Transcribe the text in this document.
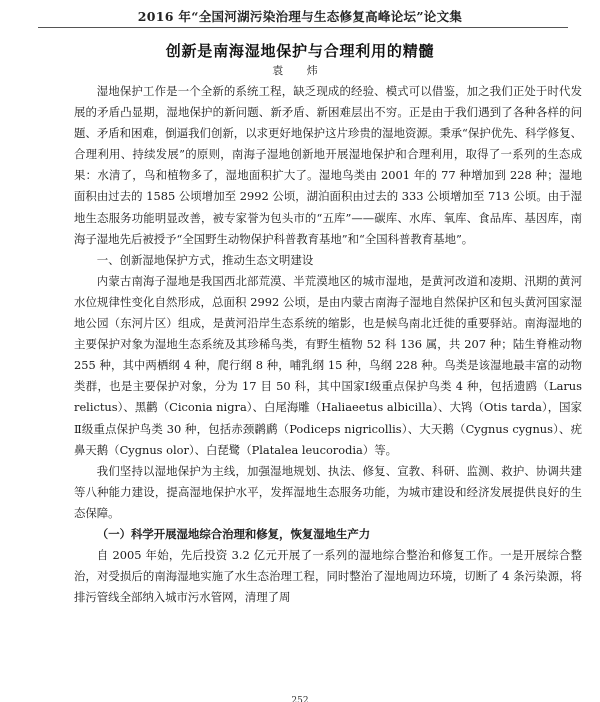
2016 年“全国河湖污染治理与生态修复高峰论坛”论文集
创新是南海湿地保护与合理利用的精髓
袁 炜

湿地保护工作是一个全新的系统工程，缺乏现成的经验、模式可以借鉴，加之我们正处于时代发展的矛盾凸显期，湿地保护的新问题、新矛盾、新困难层出不穷。正是由于我们遇到了各种各样的问题、矛盾和困难，倒逼我们创新，以求更好地保护这片珍贵的湿地资源。秉承“保护优先、科学修复、合理利用、持续发展”的原则，南海子湿地创新地开展湿地保护和合理利用，取得了一系列的生态成果：水清了，鸟和植物多了，湿地面积扩大了。湿地鸟类由 2001 年的 77 种增加到 228 种；湿地面积由过去的 1585 公顷增加至 2992 公顷，湖泊面积由过去的 333 公顷增加至 713 公顷。由于湿地生态服务功能明显改善，被专家誉为包头市的“五库”——碳库、水库、氧库、食品库、基因库，南海子湿地先后被授予“全国野生动物保护科普教育基地”和“全国科普教育基地”。

一、创新湿地保护方式，推动生态文明建设

内蒙古南海子湿地是我国西北部荒漠、半荒漠地区的城市湿地，是黄河改道和凌期、汛期的黄河水位规律性变化自然形成，总面积 2992 公顷，是由内蒙古南海子湿地自然保护区和包头黄河国家湿地公园（东河片区）组成，是黄河沿岸生态系统的缩影，也是候鸟南北迁徙的重要驿站。南海湿地的主要保护对象为湿地生态系统及其珍稀鸟类，有野生植物 52 科 136 属，共 207 种；陆生脊椎动物 255 种，其中两栖纲 4 种，爬行纲 8 种，哺乳纲 15 种，鸟纲 228 种。鸟类是该湿地最丰富的动物类群，也是主要保护对象，分为 17 目 50 科，其中国家Ⅰ级重点保护鸟类 4 种，包括遗鸥（Larus relictus）、黑鹳（Ciconia nigra）、白尾海雕（Haliaeetus albicilla）、大鸨（Otis tarda），国家Ⅱ级重点保护鸟类 30 种，包括赤颈䴙䴘（Podiceps nigricollis）、大天鹅（Cygnus cygnus）、疣鼻天鹅（Cygnus olor）、白琵鹭（Platalea leucorodia）等。

我们坚持以湿地保护为主线，加强湿地规划、执法、修复、宣教、科研、监测、救护、协调共建等八种能力建设，提高湿地保护水平，发挥湿地生态服务功能，为城市建设和经济发展提供良好的生态保障。

（一）科学开展湿地综合治理和修复，恢复湿地生产力

自 2005 年始，先后投资 3.2 亿元开展了一系列的湿地综合整治和修复工作。一是开展综合整治，对受损后的南海湿地实施了水生态治理工程，同时整治了湿地周边环境，切断了 4 条污染源，将排污管线全部纳入城市污水管网，清理了周

252
